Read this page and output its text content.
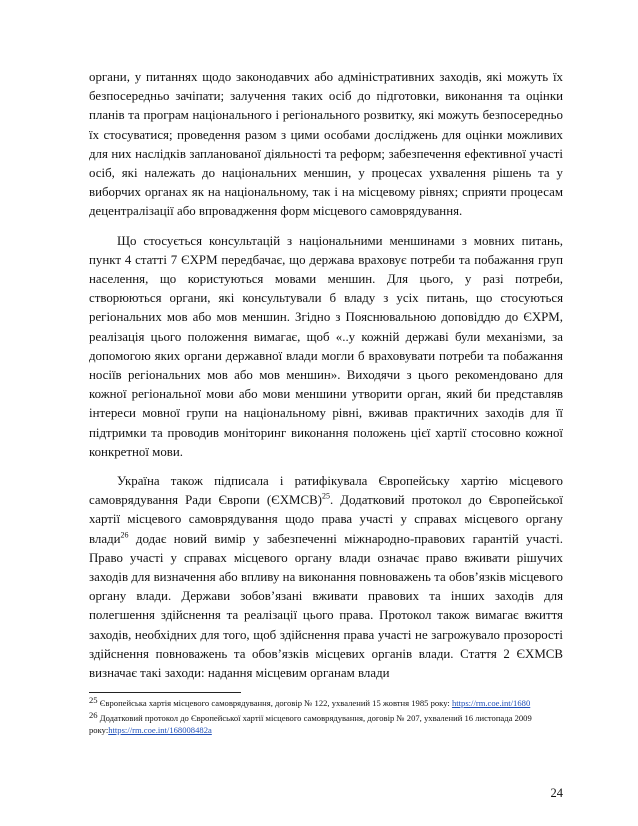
органи, у питаннях щодо законодавчих або адміністративних заходів, які можуть їх безпосередньо зачіпати; залучення таких осіб до підготовки, виконання та оцінки планів та програм національного і регіонального розвитку, які можуть безпосередньо їх стосуватися; проведення разом з цими особами досліджень для оцінки можливих для них наслідків запланованої діяльності та реформ; забезпечення ефективної участі осіб, які належать до національних меншин, у процесах ухвалення рішень та у виборчих органах як на національному, так і на місцевому рівнях; сприяти процесам децентралізації або впровадження форм місцевого самоврядування.

Що стосується консультацій з національними меншинами з мовних питань, пункт 4 статті 7 ЄХРМ передбачає, що держава враховує потреби та побажання груп населення, що користуються мовами меншин. Для цього, у разі потреби, створюються органи, які консультували б владу з усіх питань, що стосуються регіональних мов або мов меншин. Згідно з Пояснювальною доповіддю до ЄХРМ, реалізація цього положення вимагає, щоб «..у кожній державі були механізми, за допомогою яких органи державної влади могли б враховувати потреби та побажання носіїв регіональних мов або мов меншин». Виходячи з цього рекомендовано для кожної регіональної мови або мови меншини утворити орган, який би представляв інтереси мовної групи на національному рівні, вживав практичних заходів для її підтримки та проводив моніторинг виконання положень цієї хартії стосовно кожної конкретної мови.

Україна також підписала і ратифікувала Європейську хартію місцевого самоврядування Ради Європи (ЄХМСВ)$^{25}$. Додатковий протокол до Європейської хартії місцевого самоврядування щодо права участі у справах місцевого органу влади$^{26}$ додає новий вимір у забезпеченні міжнародно-правових гарантій участі. Право участі у справах місцевого органу влади означає право вживати рішучих заходів для визначення або впливу на виконання повноважень та обов’язків місцевого органу влади. Держави зобов’язані вживати правових та інших заходів для полегшення здійснення та реалізації цього права. Протокол також вимагає вжиття заходів, необхідних для того, щоб здійснення права участі не загрожувало прозорості здійснення повноважень та обов’язків місцевих органів влади. Стаття 2 ЄХМСВ визначає такі заходи: надання місцевим органам влади

$^{25}$ Європейська хартія місцевого самоврядування, договір № 122, ухвалений 15 жовтня 1985 року: https://rm.coe.int/1680

$^{26}$ Додатковий протокол до Європейської хартії місцевого самоврядування, договір № 207, ухвалений 16 листопада 2009 року:https://rm.coe.int/168008482a

24
